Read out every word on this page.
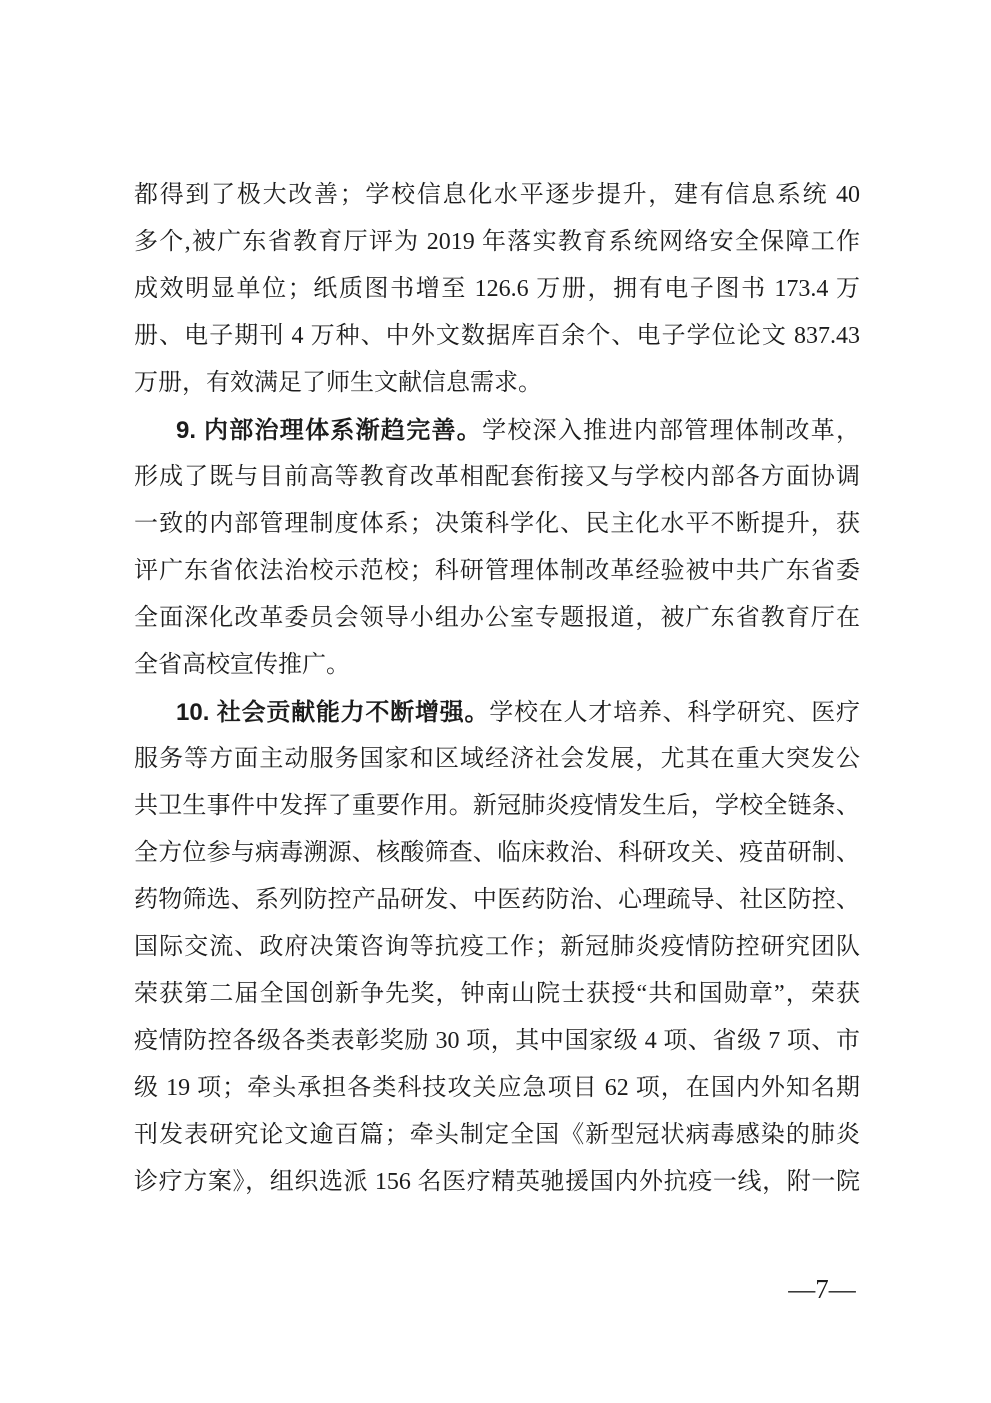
都得到了极大改善；学校信息化水平逐步提升，建有信息系统 40
多个,被广东省教育厅评为 2019 年落实教育系统网络安全保障工作
成效明显单位；纸质图书增至 126.6 万册，拥有电子图书 173.4 万
册、电子期刊 4 万种、中外文数据库百余个、电子学位论文 837.43
万册，有效满足了师生文献信息需求。
9. 内部治理体系渐趋完善。学校深入推进内部管理体制改革，
形成了既与目前高等教育改革相配套衔接又与学校内部各方面协调
一致的内部管理制度体系；决策科学化、民主化水平不断提升，获
评广东省依法治校示范校；科研管理体制改革经验被中共广东省委
全面深化改革委员会领导小组办公室专题报道，被广东省教育厅在
全省高校宣传推广。
10. 社会贡献能力不断增强。学校在人才培养、科学研究、医疗
服务等方面主动服务国家和区域经济社会发展，尤其在重大突发公
共卫生事件中发挥了重要作用。新冠肺炎疫情发生后，学校全链条、
全方位参与病毒溯源、核酸筛查、临床救治、科研攻关、疫苗研制、
药物筛选、系列防控产品研发、中医药防治、心理疏导、社区防控、
国际交流、政府决策咨询等抗疫工作；新冠肺炎疫情防控研究团队
荣获第二届全国创新争先奖，钟南山院士获授“共和国勋章”，荣获
疫情防控各级各类表彰奖励 30 项，其中国家级 4 项、省级 7 项、市
级 19 项；牵头承担各类科技攻关应急项目 62 项，在国内外知名期
刊发表研究论文逾百篇；牵头制定全国《新型冠状病毒感染的肺炎
诊疗方案》，组织选派 156 名医疗精英驰援国内外抗疫一线，附一院
—7—
